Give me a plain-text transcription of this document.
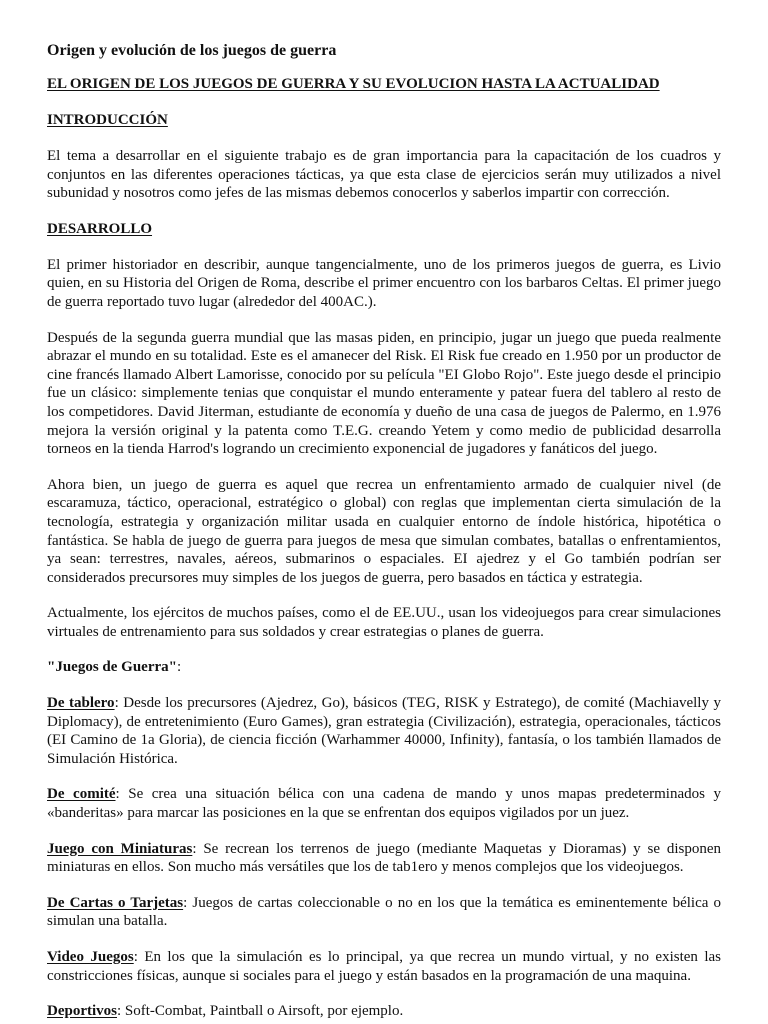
Origen y evolución de los juegos de guerra
EL ORIGEN DE LOS JUEGOS DE GUERRA Y SU EVOLUCION HASTA LA ACTUALIDAD
INTRODUCCIÓN

El tema a desarrollar en el siguiente trabajo es de gran importancia para la capacitación de los cuadros y conjuntos en las diferentes operaciones tácticas, ya que esta clase de ejercicios serán muy utilizados a nivel subunidad y nosotros como jefes de las mismas debemos conocerlos y saberlos impartir con corrección.

DESARROLLO

El primer historiador en describir, aunque tangencialmente, uno de los primeros juegos de guerra, es Livio quien, en su Historia del Origen de Roma, describe el primer encuentro con los barbaros Celtas. El primer juego de guerra reportado tuvo lugar (alrededor del 400AC.).

Después de la segunda guerra mundial que las masas piden, en principio, jugar un juego que pueda realmente abrazar el mundo en su totalidad. Este es el amanecer del Risk. El Risk fue creado en 1.950 por un productor de cine francés llamado Albert Lamorisse, conocido por su película "EI Globo Rojo". Este juego desde el principio fue un clásico: simplemente tenias que conquistar el mundo enteramente y patear fuera del tablero al resto de los competidores. David Jiterman, estudiante de economía y dueño de una casa de juegos de Palermo, en 1.976 mejora la versión original y la patenta como T.E.G. creando Yetem y como medio de publicidad desarrolla torneos en la tienda Harrod's logrando un crecimiento exponencial de jugadores y fanáticos del juego.

Ahora bien, un juego de guerra es aquel que recrea un enfrentamiento armado de cualquier nivel (de escaramuza, táctico, operacional, estratégico o global) con reglas que implementan cierta simulación de la tecnología, estrategia y organización militar usada en cualquier entorno de índole histórica, hipotética o fantástica. Se habla de juego de guerra para juegos de mesa que simulan combates, batallas o enfrentamientos, ya sean: terrestres, navales, aéreos, submarinos o espaciales. EI ajedrez y el Go también podrían ser considerados precursores muy simples de los juegos de guerra, pero basados en táctica y estrategia.

Actualmente, los ejércitos de muchos países, como el de EE.UU., usan los videojuegos para crear simulaciones virtuales de entrenamiento para sus soldados y crear estrategias o planes de guerra.

"Juegos de Guerra":

De tablero: Desde los precursores (Ajedrez, Go), básicos (TEG, RISK y Estratego), de comité (Machiavelly y Diplomacy), de entretenimiento (Euro Games), gran estrategia (Civilización), estrategia, operacionales, tácticos (EI Camino de 1a Gloria), de ciencia ficción (Warhammer 40000, Infinity), fantasía, o los también llamados de Simulación Histórica.

De comité: Se crea una situación bélica con una cadena de mando y unos mapas predeterminados y «banderitas» para marcar las posiciones en la que se enfrentan dos equipos vigilados por un juez.

Juego con Miniaturas: Se recrean los terrenos de juego (mediante Maquetas y Dioramas) y se disponen miniaturas en ellos. Son mucho más versátiles que los de tab1ero y menos complejos que los videojuegos.

De Cartas o Tarjetas: Juegos de cartas coleccionable o no en los que la temática es eminentemente bélica o simulan una batalla.

Video Juegos: En los que la simulación es lo principal, ya que recrea un mundo virtual, y no existen las constricciones físicas, aunque si sociales para el juego y están basados en la programación de una maquina.

Deportivos: Soft-Combat, Paintball o Airsoft, por ejemplo.
